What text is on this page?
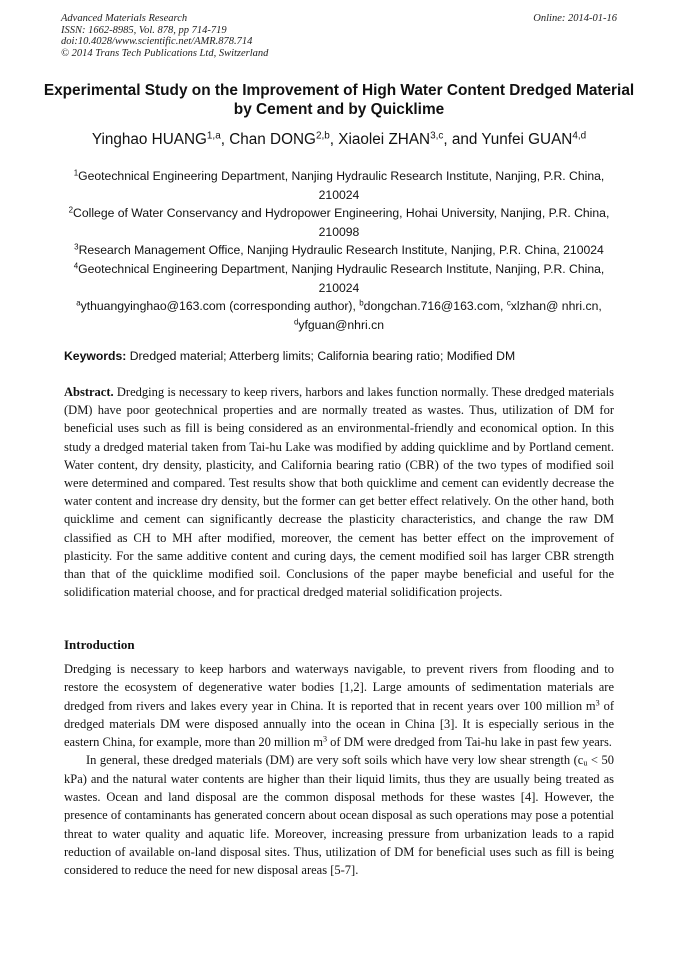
Advanced Materials Research
ISSN: 1662-8985, Vol. 878, pp 714-719
doi:10.4028/www.scientific.net/AMR.878.714
© 2014 Trans Tech Publications Ltd, Switzerland
Online: 2014-01-16
Experimental Study on the Improvement of High Water Content Dredged Material by Cement and by Quicklime
Yinghao HUANG$^{1,a}$, Chan DONG$^{2,b}$, Xiaolei ZHAN$^{3,c}$, and Yunfei GUAN$^{4,d}$

$^1$Geotechnical Engineering Department, Nanjing Hydraulic Research Institute, Nanjing, P.R. China, 210024

$^2$College of Water Conservancy and Hydropower Engineering, Hohai University, Nanjing, P.R. China, 210098

$^3$Research Management Office, Nanjing Hydraulic Research Institute, Nanjing, P.R. China, 210024

$^4$Geotechnical Engineering Department, Nanjing Hydraulic Research Institute, Nanjing, P.R. China, 210024

$^a$ythuangyinghao@163.com (corresponding author), $^b$dongchan.716@163.com, $^c$xlzhan@ nhri.cn,
$^d$yfguan@nhri.cn

Keywords: Dredged material; Atterberg limits; California bearing ratio; Modified DM

Abstract. Dredging is necessary to keep rivers, harbors and lakes function normally. These dredged materials (DM) have poor geotechnical properties and are normally treated as wastes. Thus, utilization of DM for beneficial uses such as fill is being considered as an environmental-friendly and economical option. In this study a dredged material taken from Tai-hu Lake was modified by adding quicklime and by Portland cement. Water content, dry density, plasticity, and California bearing ratio (CBR) of the two types of modified soil were determined and compared. Test results show that both quicklime and cement can evidently decrease the water content and increase dry density, but the former can get better effect relatively. On the other hand, both quicklime and cement can significantly decrease the plasticity characteristics, and change the raw DM classified as CH to MH after modified, moreover, the cement has better effect on the improvement of plasticity. For the same additive content and curing days, the cement modified soil has larger CBR strength than that of the quicklime modified soil. Conclusions of the paper maybe beneficial and useful for the solidification material choose, and for practical dredged material solidification projects.

Introduction

Dredging is necessary to keep harbors and waterways navigable, to prevent rivers from flooding and to restore the ecosystem of degenerative water bodies [1,2]. Large amounts of sedimentation materials are dredged from rivers and lakes every year in China. It is reported that in recent years over 100 million $m^3$ of dredged materials DM were disposed annually into the ocean in China [3]. It is especially serious in the eastern China, for example, more than 20 million $m^3$ of DM were dredged from Tai-hu lake in past few years.

In general, these dredged materials (DM) are very soft soils which have very low shear strength ($c_u < 50$ kPa) and the natural water contents are higher than their liquid limits, thus they are usually being treated as wastes. Ocean and land disposal are the common disposal methods for these wastes [4]. However, the presence of contaminants has generated concern about ocean disposal as such operations may pose a potential threat to water quality and aquatic life. Moreover, increasing pressure from urbanization leads to a rapid reduction of available on-land disposal sites. Thus, utilization of DM for beneficial uses such as fill is being considered to reduce the need for new disposal areas [5-7].
